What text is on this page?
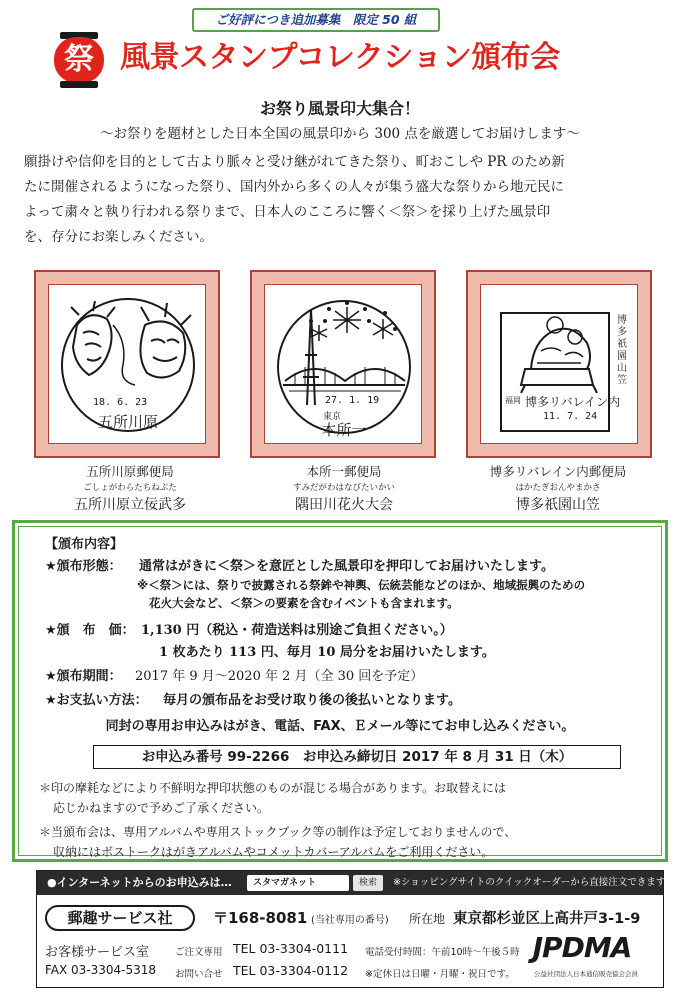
ご好評につき追加募集　限定 50 組
祭 風景スタンプコレクション頒布会
お祭り風景印大集合！
～お祭りを題材とした日本全国の風景印から 300 点を厳選してお届けします～
願掛けや信仰を目的として古より脈々と受け継がれてきた祭り、町おこしや PR のため新
たに開催されるようになった祭り、国内外から多くの人々が集う盛大な祭りから地元民に
よって粛々と執り行われる祭りまで、日本人のこころに響く＜祭＞を採り上げた風景印
を、存分にお楽しみください。
18. 6. 23
五所川原
五所川原郵便局
ごしょがわらたちねぷた
五所川原立佞武多
27. 1. 19
東京
本所一
本所一郵便局
すみだがわはなびたいかい
隅田川花火大会
博多祇園山笠
福岡 博多リバレイン内
11. 7. 24
博多リバレイン内郵便局
はかたぎおんやまかさ
博多祇園山笠
【頒布内容】
★頒布形態： 通常はがきに＜祭＞を意匠とした風景印を押印してお届けいたします。
※＜祭＞には、祭りで披露される祭鉾や神輿、伝統芸能などのほか、地域振興のための
花火大会など、＜祭＞の要素を含むイベントも含まれます。
★頒　布　価： 1,130 円（税込・荷造送料は別途ご負担ください。）
1 枚あたり 113 円、毎月 10 局分をお届けいたします。
★頒布期間： 2017 年 9 月～2020 年 2 月（全 30 回を予定）
★お支払い方法： 毎月の頒布品をお受け取り後の後払いとなります。
同封の専用お申込みはがき、電話、FAX、Ｅメール等にてお申し込みください。
お申込み番号 99-2266　お申込み締切日 2017 年 8 月 31 日（木）
＊印の摩耗などにより不鮮明な押印状態のものが混じる場合があります。お取替えには
応じかねますので予めご了承ください。
＊当頒布会は、専用アルバムや専用ストックブック等の制作は予定しておりませんので、
収納にはボストークはがきアルバムやコメットカバーアルバムをご利用ください。
●インターネットからのお申込みは…	スタマガネット	検索	※ショッピングサイトのクイックオーダーから直接注文できます。
郵趣サービス社	〒168-8081 (当社専用の番号) 所在地 東京都杉並区上高井戸3-1-9
お客様サービス室
FAX 03-3304-5318
ご注文専用 TEL 03-3304-0111
お問い合せ TEL 03-3304-0112
電話受付時間：午前10時～午後５時
※定休日は日曜・月曜・祝日です。
JPDMA
公益社団法人日本通信販売協会会員
